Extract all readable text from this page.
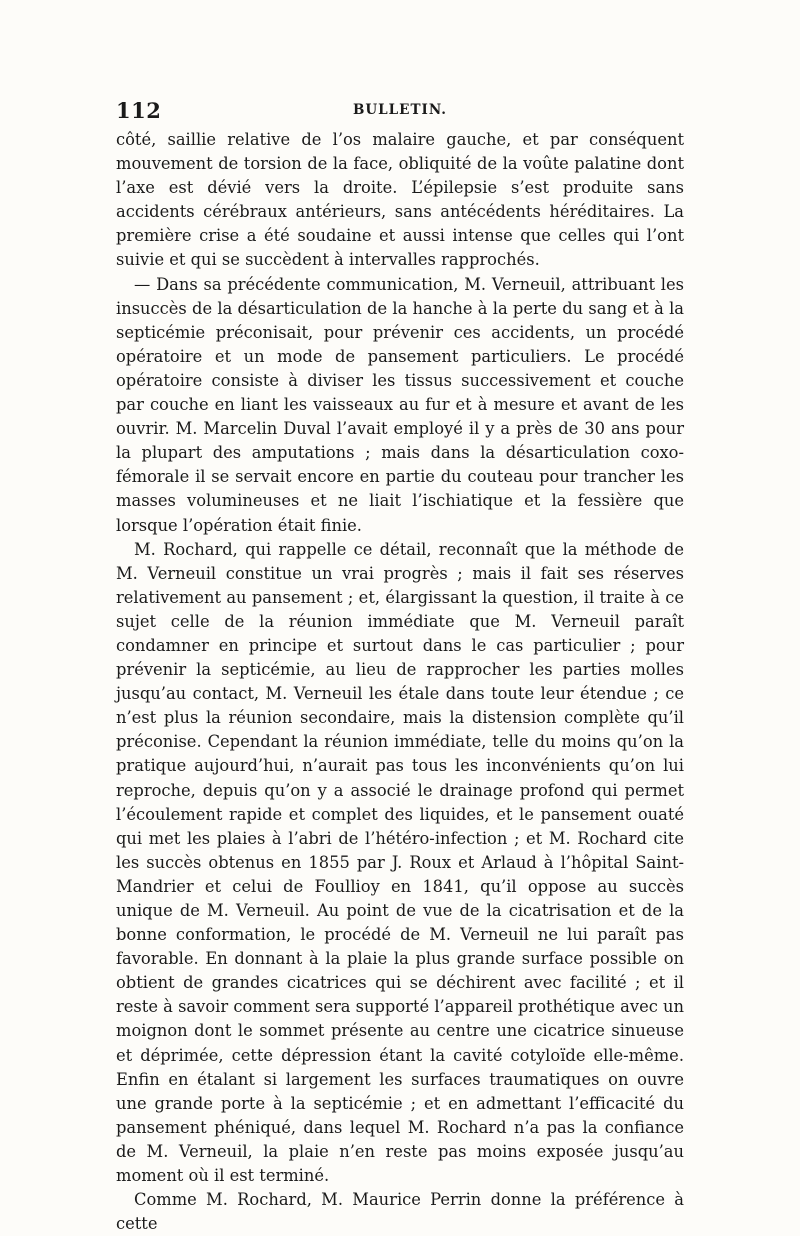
112	BULLETIN.

côté, saillie relative de l’os malaire gauche, et par conséquent mouvement de torsion de la face, obliquité de la voûte palatine dont l’axe est dévié vers la droite. L’épilepsie s’est produite sans accidents cérébraux antérieurs, sans antécédents héréditaires. La première crise a été soudaine et aussi intense que celles qui l’ont suivie et qui se succèdent à intervalles rapprochés.

— Dans sa précédente communication, M. Verneuil, attribuant les insuccès de la désarticulation de la hanche à la perte du sang et à la septicémie préconisait, pour prévenir ces accidents, un procédé opératoire et un mode de pansement particuliers. Le procédé opératoire consiste à diviser les tissus successivement et couche par couche en liant les vaisseaux au fur et à mesure et avant de les ouvrir. M. Marcelin Duval l’avait employé il y a près de 30 ans pour la plupart des amputations ; mais dans la désarticulation coxo-fémorale il se servait encore en partie du couteau pour trancher les masses volumineuses et ne liait l’ischiatique et la fessière que lorsque l’opération était finie.

M. Rochard, qui rappelle ce détail, reconnaît que la méthode de M. Verneuil constitue un vrai progrès ; mais il fait ses réserves relativement au pansement ; et, élargissant la question, il traite à ce sujet celle de la réunion immédiate que M. Verneuil paraît condamner en principe et surtout dans le cas particulier ; pour prévenir la septicémie, au lieu de rapprocher les parties molles jusqu’au contact, M. Verneuil les étale dans toute leur étendue ; ce n’est plus la réunion secondaire, mais la distension complète qu’il préconise. Cependant la réunion immédiate, telle du moins qu’on la pratique aujourd’hui, n’aurait pas tous les inconvénients qu’on lui reproche, depuis qu’on y a associé le drainage profond qui permet l’écoulement rapide et complet des liquides, et le pansement ouaté qui met les plaies à l’abri de l’hétéro-infection ; et M. Rochard cite les succès obtenus en 1855 par J. Roux et Arlaud à l’hôpital Saint-Mandrier et celui de Foullioy en 1841, qu’il oppose au succès unique de M. Verneuil. Au point de vue de la cicatrisation et de la bonne conformation, le procédé de M. Verneuil ne lui paraît pas favorable. En donnant à la plaie la plus grande surface possible on obtient de grandes cicatrices qui se déchirent avec facilité ; et il reste à savoir comment sera supporté l’appareil prothétique avec un moignon dont le sommet présente au centre une cicatrice sinueuse et déprimée, cette dépression étant la cavité cotyloïde elle-même. Enfin en étalant si largement les surfaces traumatiques on ouvre une grande porte à la septicémie ; et en admettant l’efficacité du pansement phéniqué, dans lequel M. Rochard n’a pas la confiance de M. Verneuil, la plaie n’en reste pas moins exposée jusqu’au moment où il est terminé.

Comme M. Rochard, M. Maurice Perrin donne la préférence à cette
